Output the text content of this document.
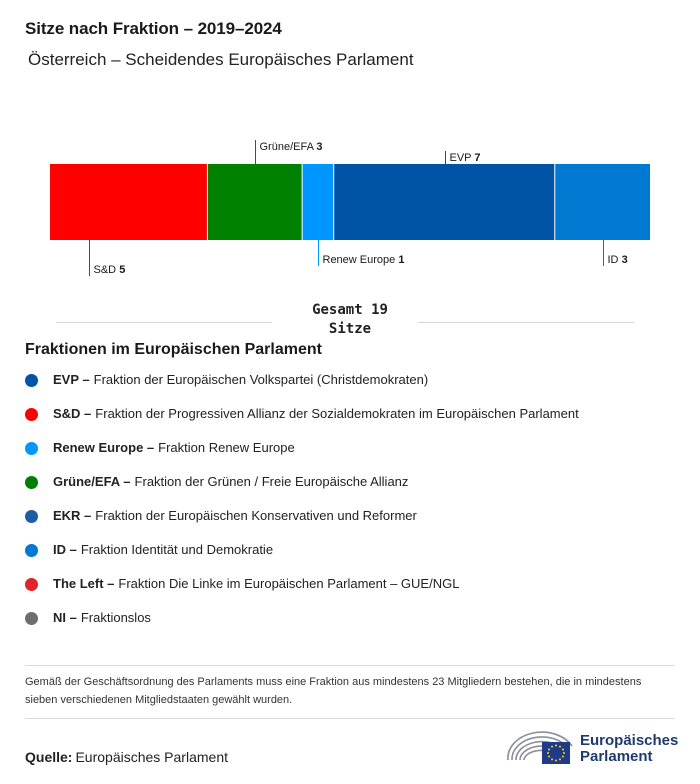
Sitze nach Fraktion – 2019–2024
Österreich – Scheidendes Europäisches Parlament
S&D 5
Grüne/EFA 3
Renew Europe 1
EVP 7
ID 3
Gesamt 19
Sitze
Fraktionen im Europäischen Parlament
EVP – Fraktion der Europäischen Volkspartei (Christdemokraten)
S&D – Fraktion der Progressiven Allianz der Sozialdemokraten im Europäischen Parlament
Renew Europe – Fraktion Renew Europe
Grüne/EFA – Fraktion der Grünen / Freie Europäische Allianz
EKR – Fraktion der Europäischen Konservativen und Reformer
ID – Fraktion Identität und Demokratie
The Left – Fraktion Die Linke im Europäischen Parlament – GUE/NGL
NI – Fraktionslos
Gemäß der Geschäftsordnung des Parlaments muss eine Fraktion aus mindestens 23 Mitgliedern bestehen, die in mindestens sieben verschiedenen Mitgliedstaaten gewählt wurden.
Quelle: Europäisches Parlament
Europäisches
Parlament
